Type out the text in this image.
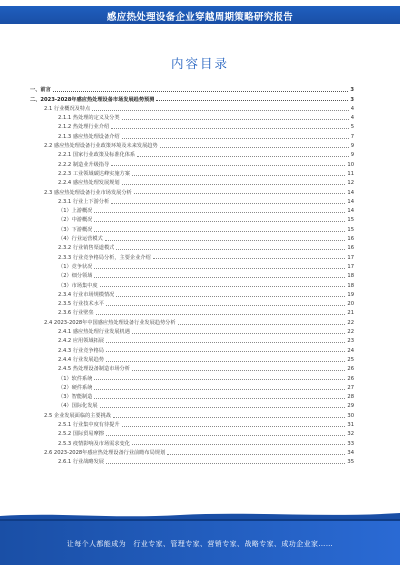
感应热处理设备企业穿越周期策略研究报告
内容目录
一、前言	3
二、2023-2028年感应热处理设备市场发展趋势预测	3
2.1 行业概况及特点	4
2.1.1 热处理的定义及分类	4
2.1.2 热处理行业介绍	5
2.1.3 感应热处理设备介绍	7
2.2 感应热处理设备行业政策环境及未来发展趋势	9
2.2.1 国家行业政策及标准化体系	9
2.2.2 制造业升级指导	10
2.2.3 工业领域碳达峰实施方案	11
2.2.4 感应热处理发展规划	12
2.3 感应热处理设备行业市场发展分析	14
2.3.1 行业上下游分析	14
（1）上游概况	14
（2）中游概况	15
（3）下游概况	15
（4）行业运营模式	16
2.3.2 行业销售渠道模式	16
2.3.3 行业竞争格局分析，主要企业介绍	17
（1）竞争状况	17
（2）细分领域	18
（3）市场集中度	18
2.3.4 行业市场规模情况	19
2.3.5 行业技术水平	20
2.3.6 行业壁垒	21
2.4 2023-2028年中国感应热处理设备行业发展趋势分析	22
2.4.1 感应热处理行业发展机遇	22
2.4.2 应用领域拓展	23
2.4.3 行业竞争格局	24
2.4.4 行业发展趋势	25
2.4.5 热处理设备制造市场分析	26
（1）软件系统	26
（2）硬件系统	27
（3）智能制造	28
（4）国际化发展	29
2.5 企业发展面临的主要挑战	30
2.5.1 行业集中度有待提升	31
2.5.2 国际贸易摩擦	32
2.5.3 疫情影响及市场需求变化	33
2.6 2023-2028年感应热处理设备行业前瞻布局规划	34
2.6.1 行业战略发展	35
让每个人都能成为　行业专家、管理专家、营销专家、战略专家、成功企业家……
